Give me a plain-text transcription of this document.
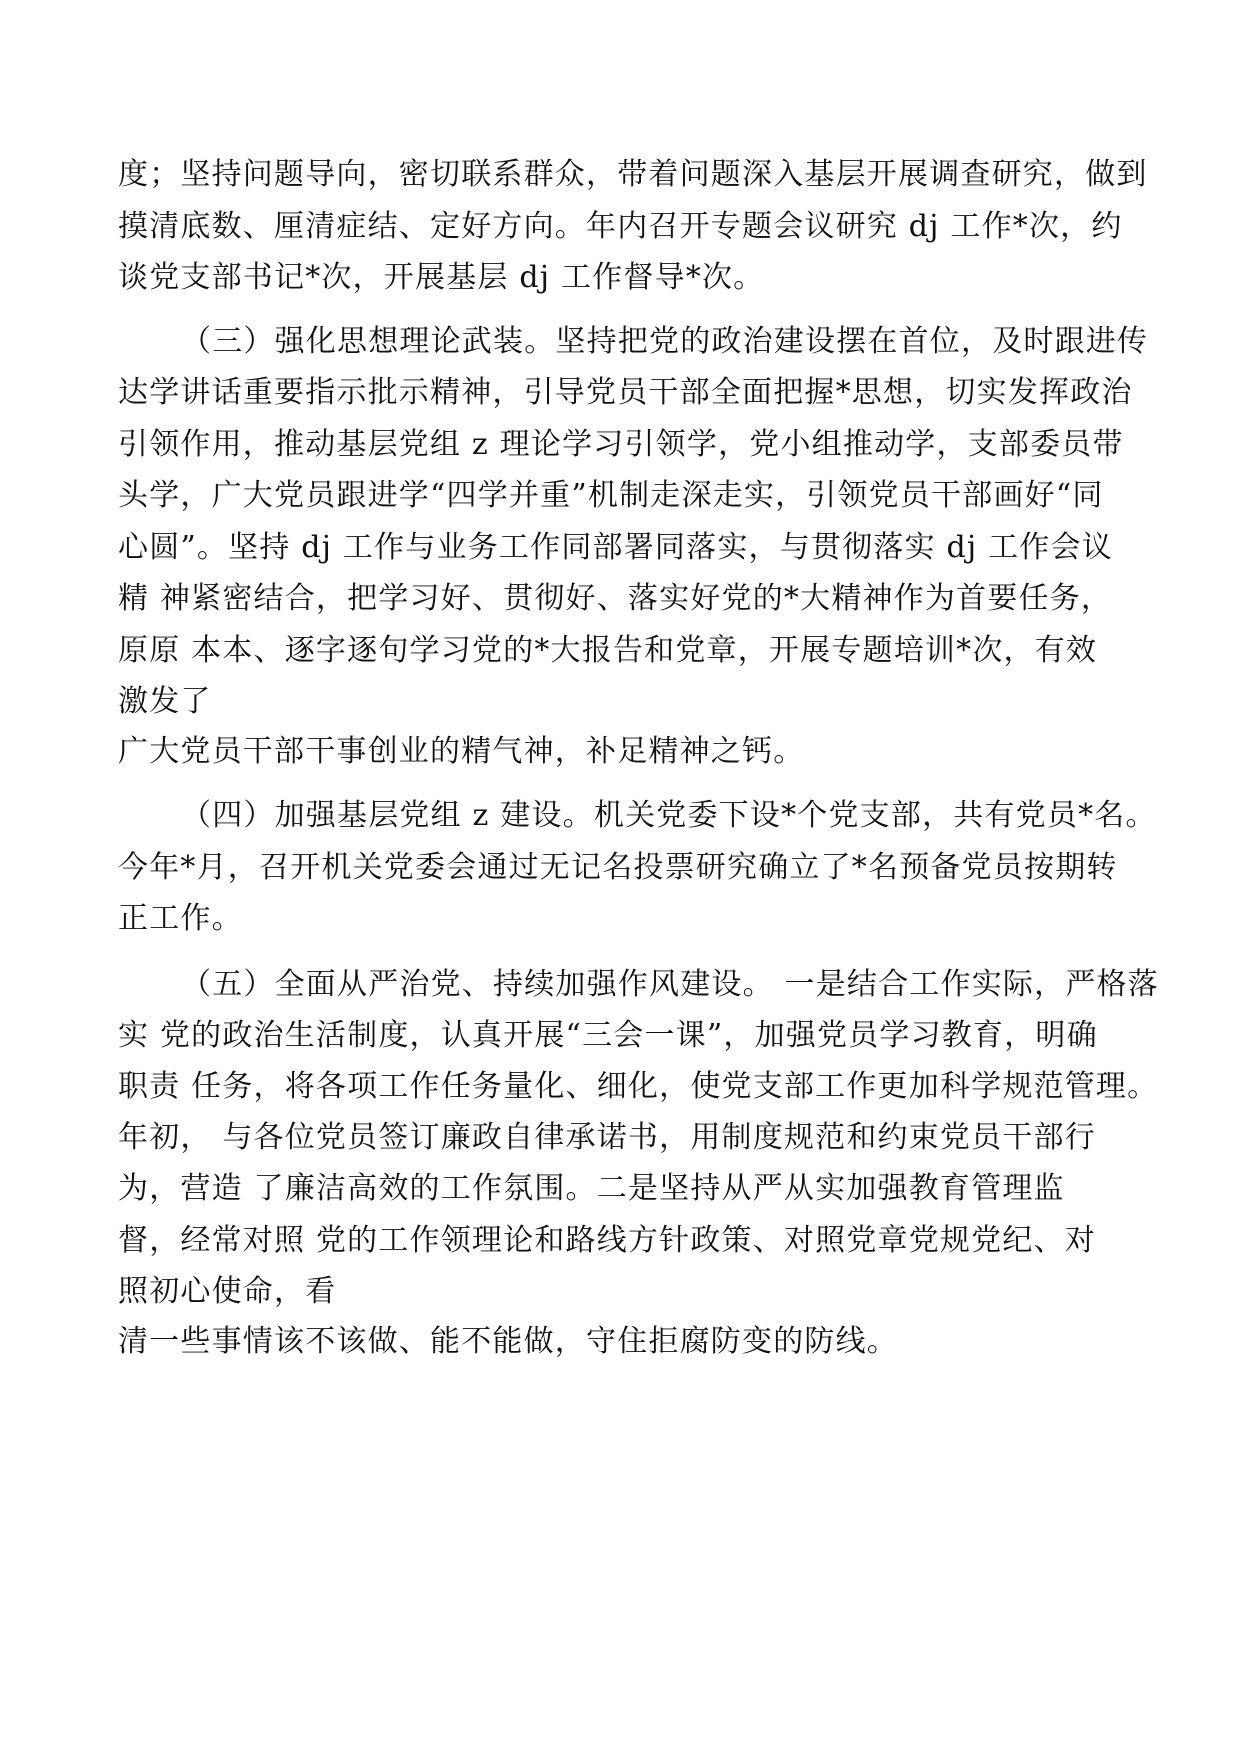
度；坚持问题导向，密切联系群众，带着问题深入基层开展调查研究，做到
摸清底数、厘清症结、定好方向。年内召开专题会议研究 dj 工作*次，约
谈党支部书记*次，开展基层 dj 工作督导*次。
（三）强化思想理论武装。坚持把党的政治建设摆在首位，及时跟进传
达学讲话重要指示批示精神，引导党员干部全面把握*思想，切实发挥政治
引领作用，推动基层党组 z 理论学习引领学，党小组推动学，支部委员带
头学，广大党员跟进学“四学并重”机制走深走实，引领党员干部画好“同
心圆”。坚持 dj 工作与业务工作同部署同落实，与贯彻落实 dj 工作会议
精 神紧密结合，把学习好、贯彻好、落实好党的*大精神作为首要任务，
原原 本本、逐字逐句学习党的*大报告和党章，开展专题培训*次，有效
激发了
广大党员干部干事创业的精气神，补足精神之钙。
（四）加强基层党组 z 建设。机关党委下设*个党支部，共有党员*名。
今年*月，召开机关党委会通过无记名投票研究确立了*名预备党员按期转
正工作。
（五）全面从严治党、持续加强作风建设。 一是结合工作实际，严格落
实 党的政治生活制度，认真开展“三会一课”，加强党员学习教育，明确
职责 任务，将各项工作任务量化、细化，使党支部工作更加科学规范管理。
年初， 与各位党员签订廉政自律承诺书，用制度规范和约束党员干部行
为，营造 了廉洁高效的工作氛围。二是坚持从严从实加强教育管理监
督，经常对照 党的工作领理论和路线方针政策、对照党章党规党纪、对
照初心使命，看
清一些事情该不该做、能不能做，守住拒腐防变的防线。
